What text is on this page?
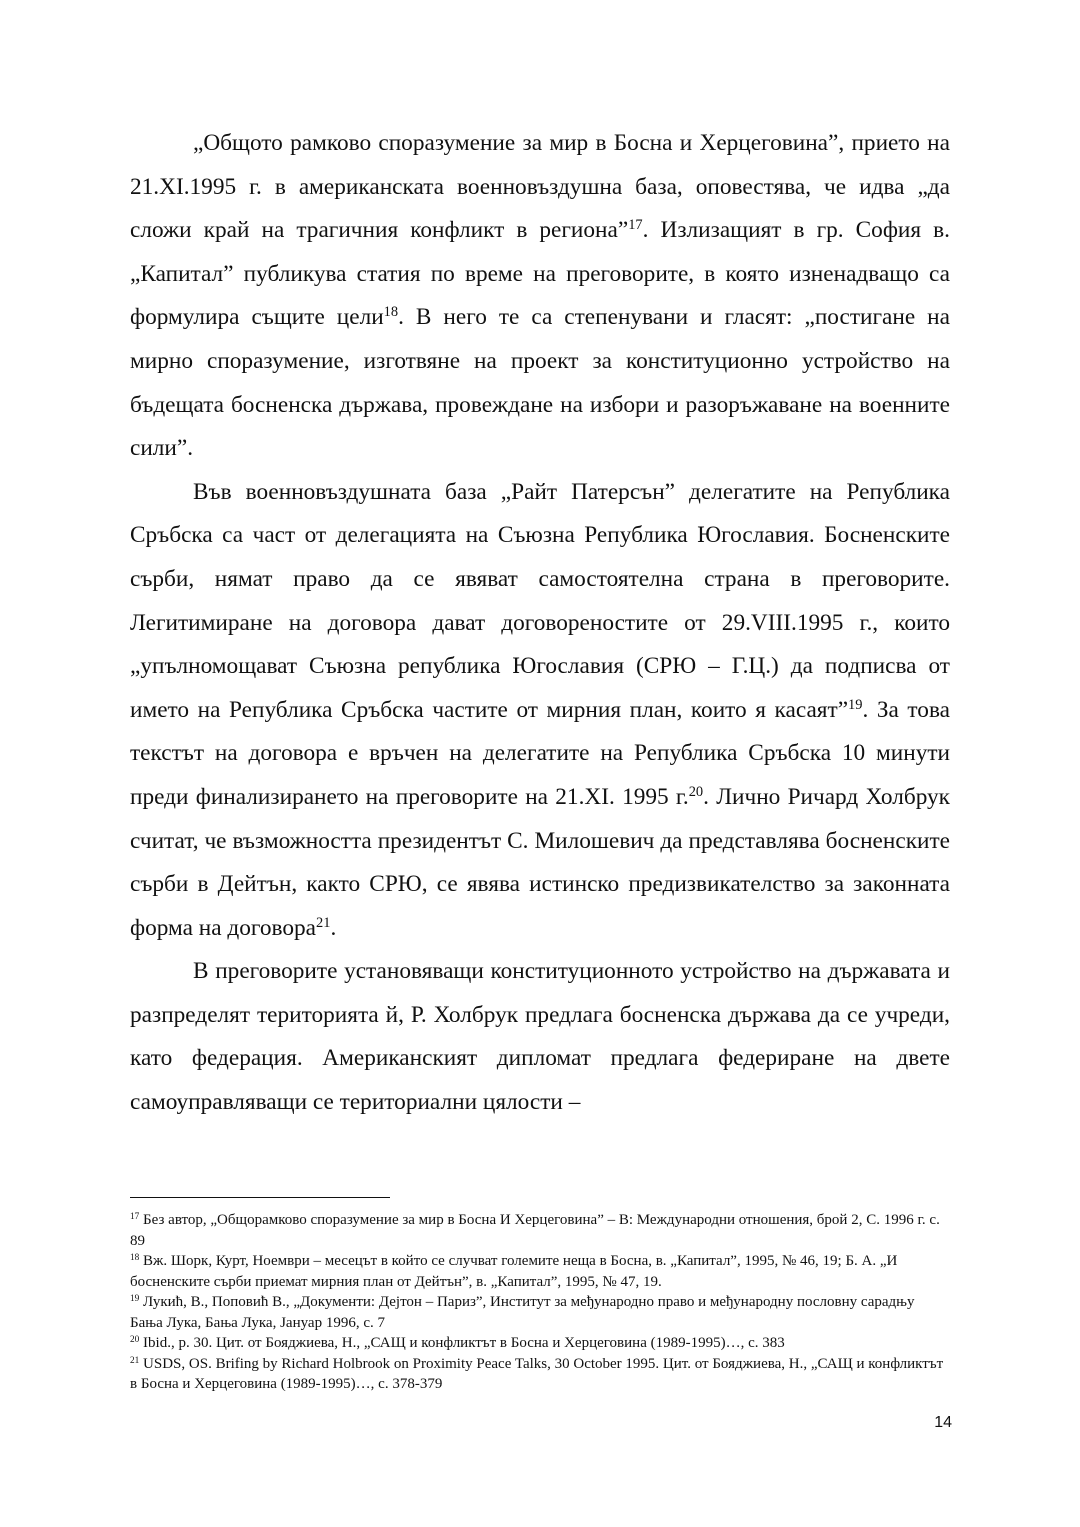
„Общото рамково споразумение за мир в Босна и Херцеговина”, прието на 21.XI.1995 г. в американската военновъздушна база, оповестява, че идва „да сложи край на трагичния конфликт в региона”$^{17}$. Излизащият в гр. София в. „Капитал” публикува статия по време на преговорите, в която изненадващо са формулира същите цели$^{18}$. В него те са степенувани и гласят: „постигане на мирно споразумение, изготвяне на проект за конституционно устройство на бъдещата босненска държава, провеждане на избори и разоръжаване на военните сили”.

Във военновъздушната база „Райт Патерсън” делегатите на Република Сръбска са част от делегацията на Съюзна Република Югославия. Босненските сърби, нямат право да се явяват самостоятелна страна в преговорите. Легитимиране на договора дават договореностите от 29.VIII.1995 г., които „упълномощават Съюзна република Югославия (СРЮ – Г.Ц.) да подписва от името на Република Сръбска частите от мирния план, които я касаят”$^{19}$. За това текстът на договора е връчен на делегатите на Република Сръбска 10 минути преди финализирането на преговорите на 21.XI. 1995 г.$^{20}$. Лично Ричард Холбрук считат, че възможността президентът С. Милошевич да представлява босненските сърби в Дейтън, както СРЮ, се явява истинско предизвикателство за законната форма на договора$^{21}$.

В преговорите установяващи конституционното устройство на държавата и разпределят територията й, Р. Холбрук предлага босненска държава да се учреди, като федерация. Американският дипломат предлага федериране на двете самоуправляващи се териториални цялости –

$^{17}$ Без автор, „Общорамково споразумение за мир в Босна И Херцеговина” – В: Международни отношения, брой 2, С. 1996 г. с. 89

$^{18}$ Вж. Шорк, Курт, Ноември – месецът в който се случват големите неща в Босна, в. „Капитал”, 1995, № 46, 19; Б. А. „И босненските сърби приемат мирния план от Дейтън”, в. „Капитал”, 1995, № 47, 19.

$^{19}$ Лукић, В., Поповић В., „Документи: Дејтон – Париз”, Институт за међународно право и међународну пословну сарадњу Бања Лука, Бања Лука, Јануар 1996, с. 7

$^{20}$ Ibid., p. 30. Цит. от Бояджиева, Н., „САЩ и конфликтът в Босна и Херцеговина (1989-1995)…, с. 383

$^{21}$ USDS, OS. Brifing by Richard Holbrook on Proximity Peace Talks, 30 October 1995. Цит. от Бояджиева, Н., „САЩ и конфликтът в Босна и Херцеговина (1989-1995)…, с. 378-379

14
